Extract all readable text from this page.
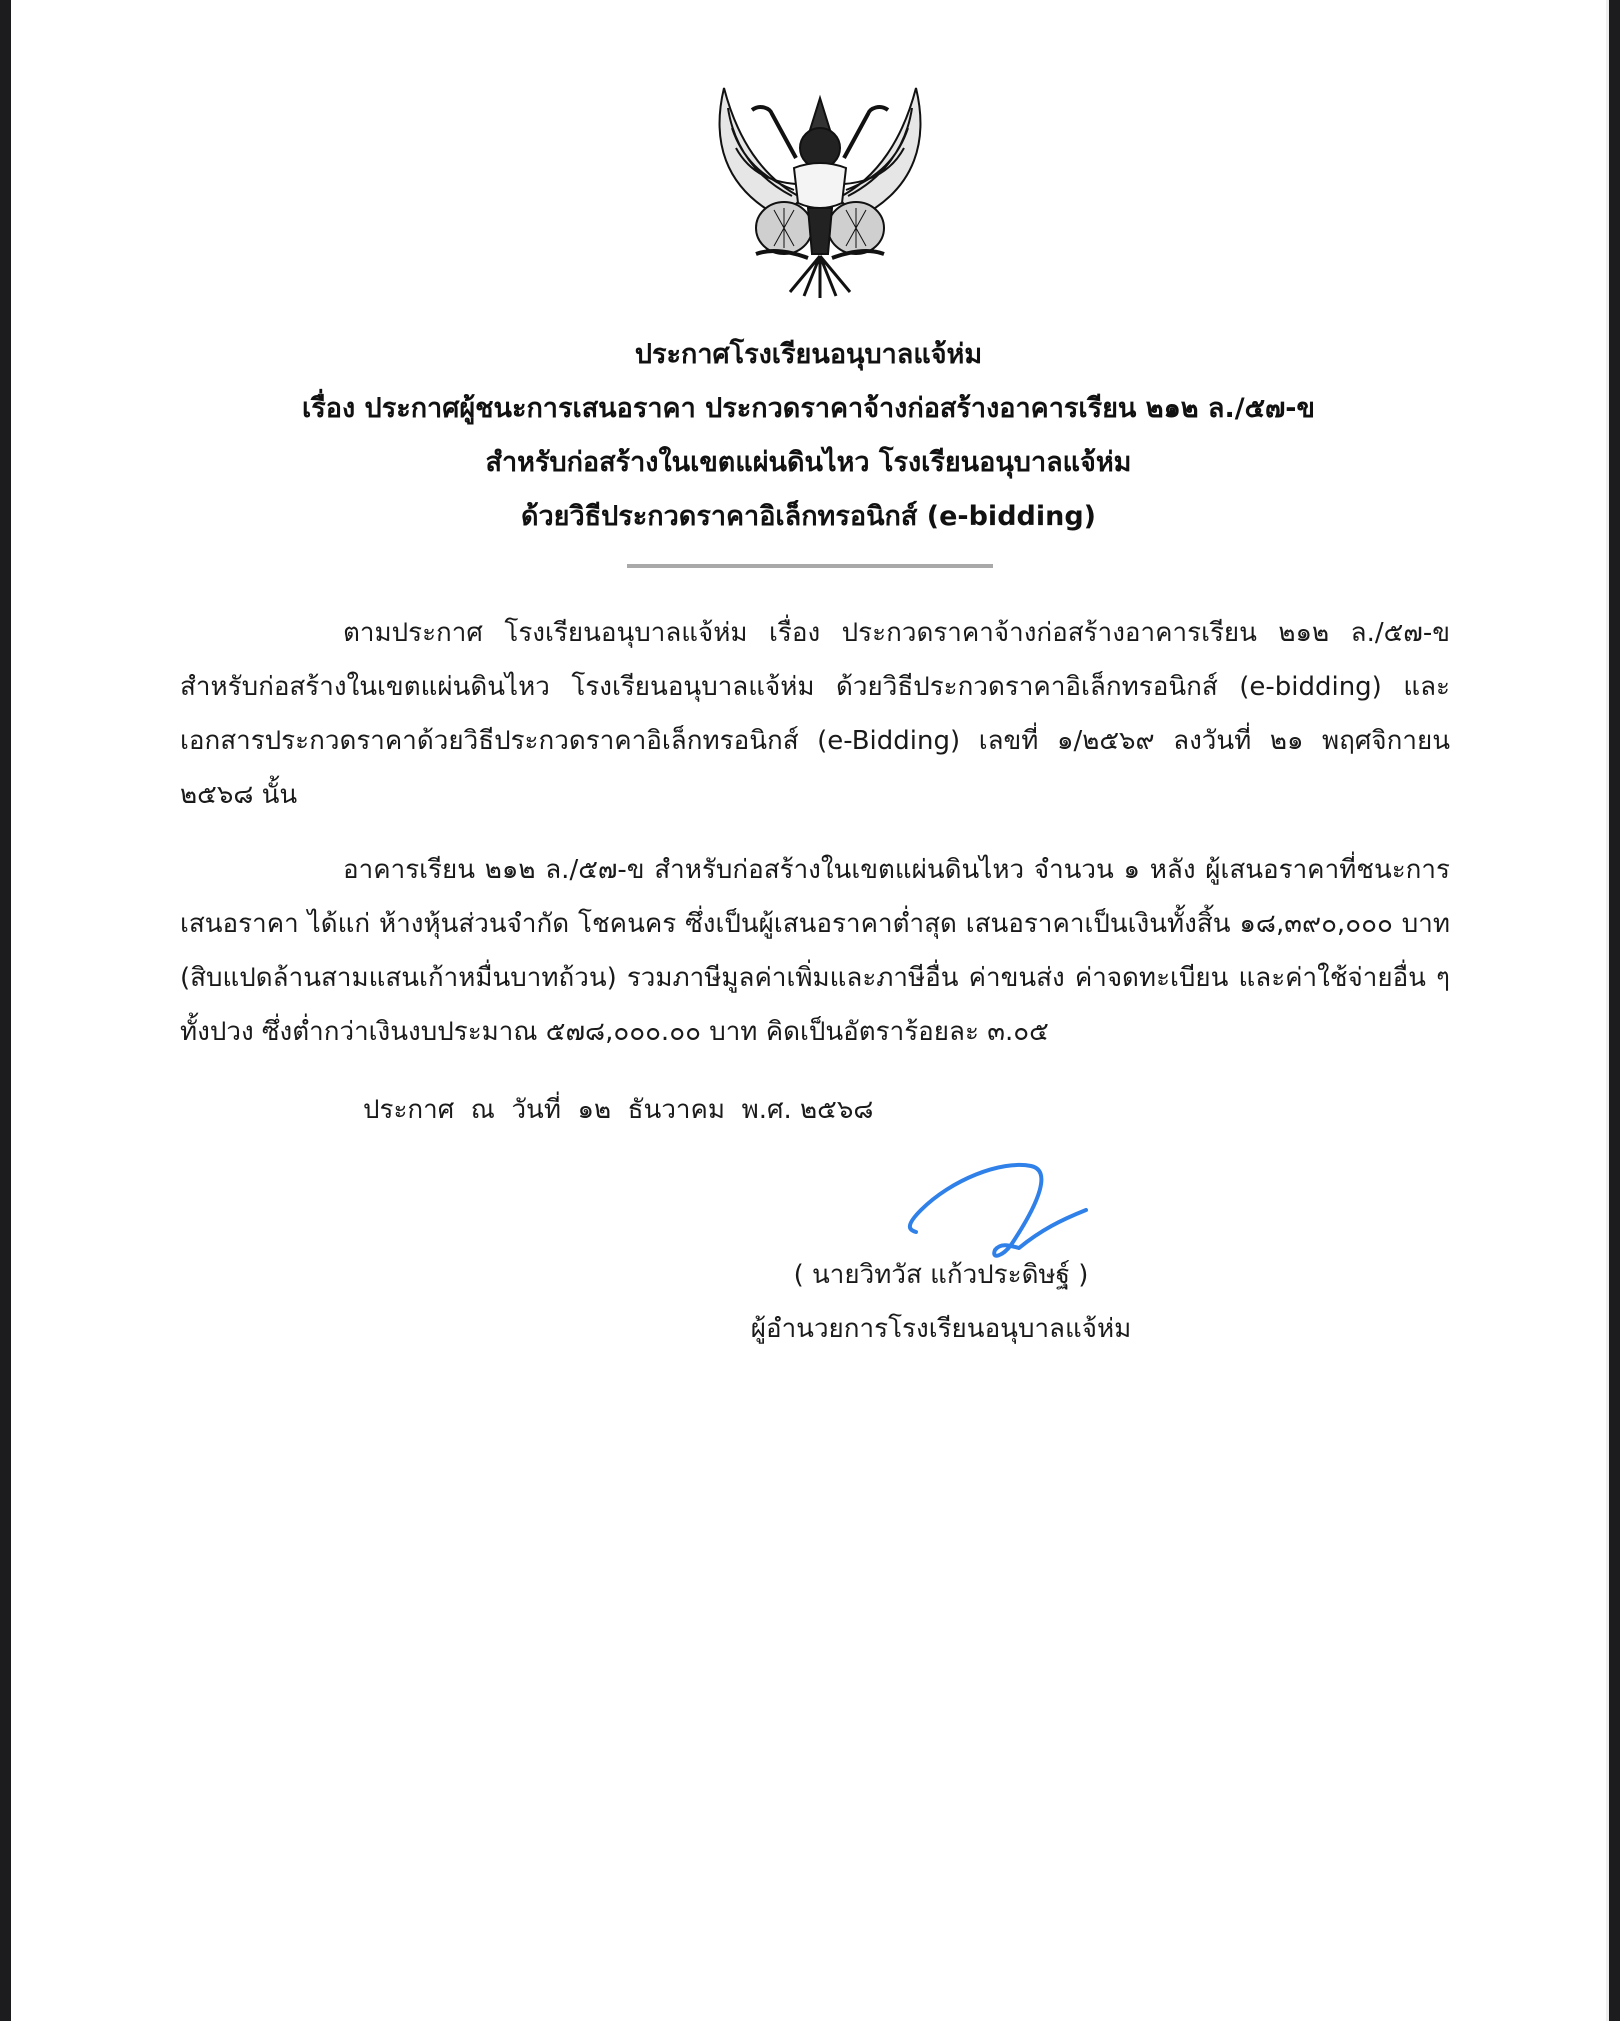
ประกาศโรงเรียนอนุบาลแจ้ห่ม
เรื่อง ประกาศผู้ชนะการเสนอราคา ประกวดราคาจ้างก่อสร้างอาคารเรียน ๒๑๒ ล./๕๗-ข
สำหรับก่อสร้างในเขตแผ่นดินไหว โรงเรียนอนุบาลแจ้ห่ม
ด้วยวิธีประกวดราคาอิเล็กทรอนิกส์ (e-bidding)

ตามประกาศ โรงเรียนอนุบาลแจ้ห่ม เรื่อง ประกวดราคาจ้างก่อสร้างอาคารเรียน ๒๑๒ ล./๕๗-ข สำหรับก่อสร้างในเขตแผ่นดินไหว โรงเรียนอนุบาลแจ้ห่ม ด้วยวิธีประกวดราคาอิเล็กทรอนิกส์ (e-bidding) และเอกสารประกวดราคาด้วยวิธีประกวดราคาอิเล็กทรอนิกส์ (e-Bidding) เลขที่ ๑/๒๕๖๙ ลงวันที่ ๒๑ พฤศจิกายน ๒๕๖๘ นั้น

อาคารเรียน ๒๑๒ ล./๕๗-ข สำหรับก่อสร้างในเขตแผ่นดินไหว จำนวน ๑ หลัง ผู้เสนอราคาที่ชนะการเสนอราคา ได้แก่ ห้างหุ้นส่วนจำกัด โชคนคร ซึ่งเป็นผู้เสนอราคาต่ำสุด เสนอราคาเป็นเงินทั้งสิ้น ๑๘,๓๙๐,๐๐๐ บาท (สิบแปดล้านสามแสนเก้าหมื่นบาทถ้วน) รวมภาษีมูลค่าเพิ่มและภาษีอื่น ค่าขนส่ง ค่าจดทะเบียน และค่าใช้จ่ายอื่น ๆ ทั้งปวง ซึ่งต่ำกว่าเงินงบประมาณ ๕๗๘,๐๐๐.๐๐ บาท คิดเป็นอัตราร้อยละ ๓.๐๕

ประกาศ  ณ  วันที่  ๑๒  ธันวาคม  พ.ศ. ๒๕๖๘
( นายวิทวัส แก้วประดิษฐ์ )
ผู้อำนวยการโรงเรียนอนุบาลแจ้ห่ม
